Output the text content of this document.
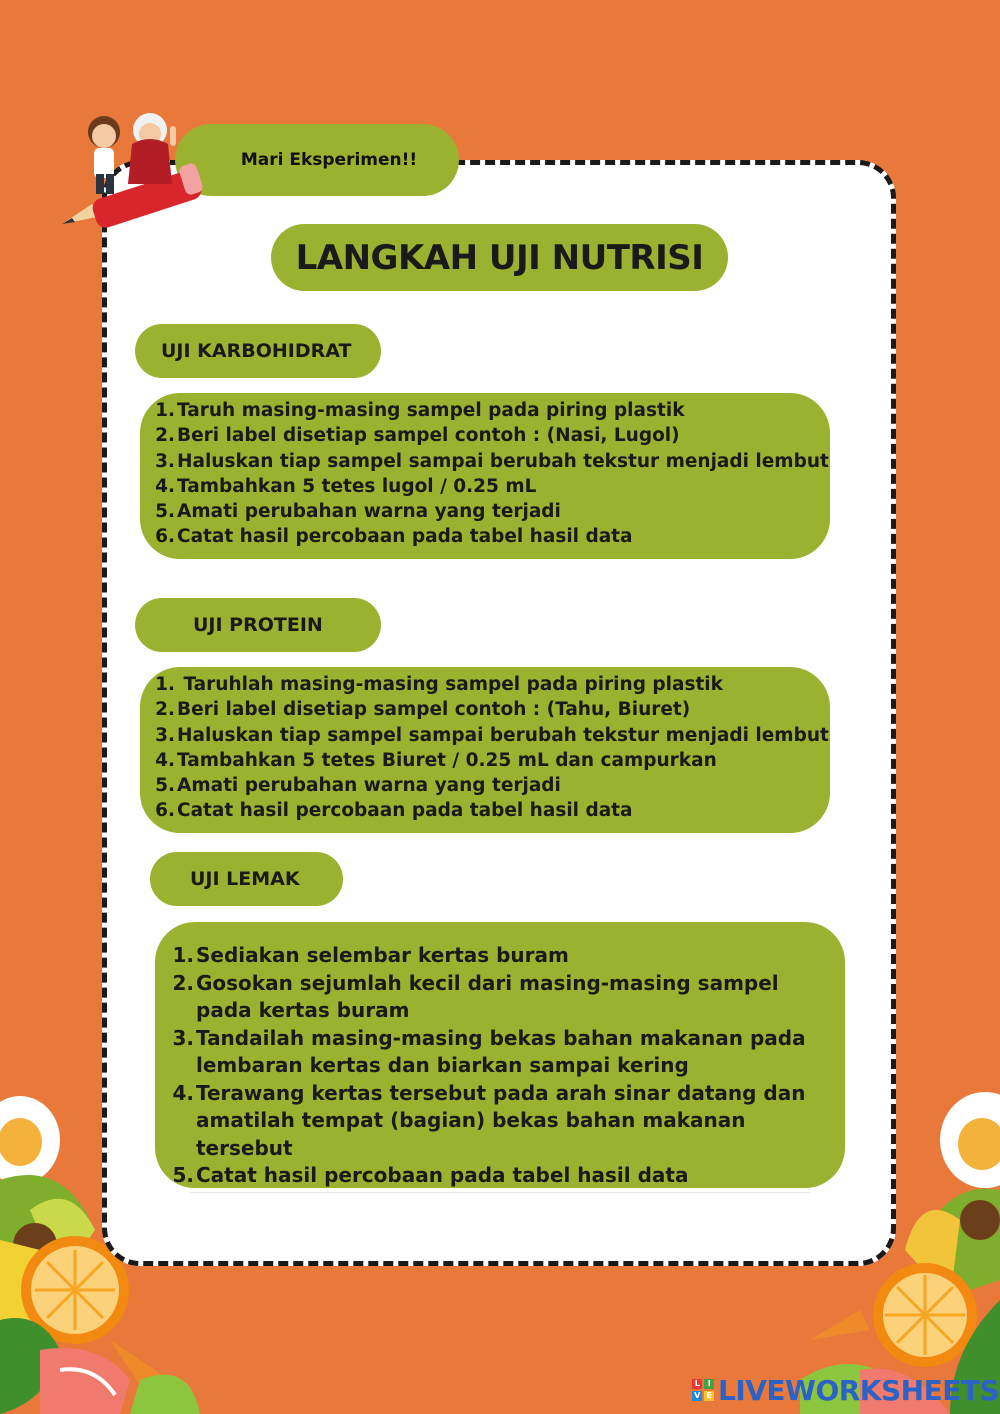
Mari Eksperimen!!
LANGKAH UJI NUTRISI
UJI KARBOHIDRAT
1. Taruh masing-masing sampel pada piring plastik
2. Beri label disetiap sampel contoh : (Nasi, Lugol)
3. Haluskan tiap sampel sampai berubah tekstur menjadi lembut
4. Tambahkan 5 tetes lugol / 0.25 mL
5. Amati perubahan warna yang terjadi
6. Catat hasil percobaan pada tabel hasil data
UJI PROTEIN
1. Taruhlah masing-masing sampel pada piring plastik
2. Beri label disetiap sampel contoh : (Tahu, Biuret)
3. Haluskan tiap sampel sampai berubah tekstur menjadi lembut
4. Tambahkan 5 tetes Biuret / 0.25 mL dan campurkan
5. Amati perubahan warna yang terjadi
6. Catat hasil percobaan pada tabel hasil data
UJI LEMAK
1. Sediakan selembar kertas buram
2. Gosokan sejumlah kecil dari masing-masing sampel pada kertas buram
3. Tandailah masing-masing bekas bahan makanan pada lembaran kertas dan biarkan sampai kering
4. Terawang kertas tersebut pada arah sinar datang dan amatilah tempat (bagian) bekas bahan makanan tersebut
5. Catat hasil percobaan pada tabel hasil data
L	I
V E LIVEWORKSHEETS
